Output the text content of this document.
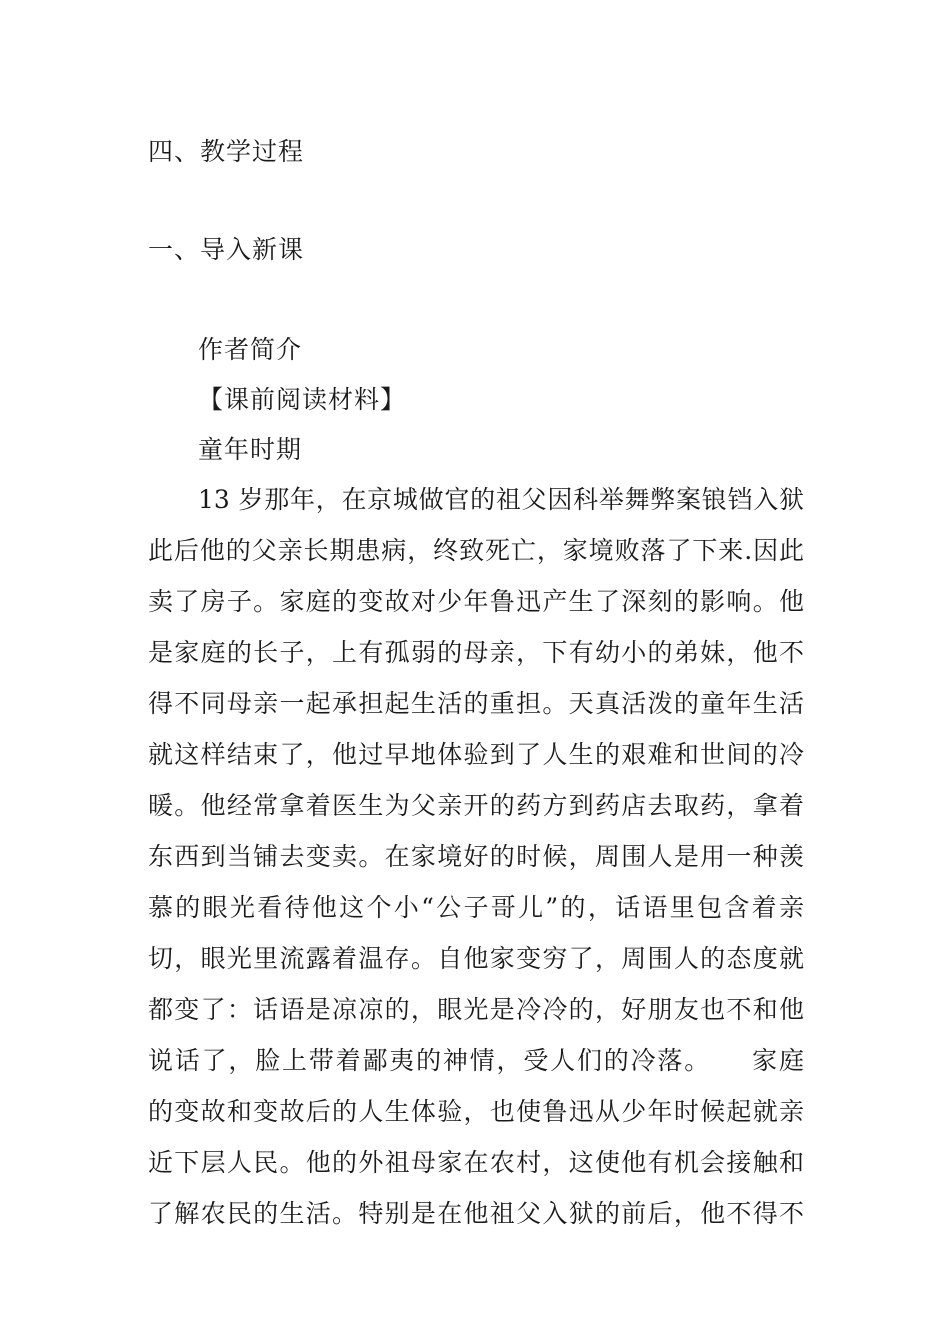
四、教学过程
一、导入新课
作者简介
【课前阅读材料】
童年时期
13 岁那年，在京城做官的祖父因科举舞弊案锒铛入狱
此后他的父亲长期患病，终致死亡，家境败落了下来.因此
卖了房子。家庭的变故对少年鲁迅产生了深刻的影响。他
是家庭的长子，上有孤弱的母亲，下有幼小的弟妹，他不
得不同母亲一起承担起生活的重担。天真活泼的童年生活
就这样结束了，他过早地体验到了人生的艰难和世间的冷
暖。他经常拿着医生为父亲开的药方到药店去取药，拿着
东西到当铺去变卖。在家境好的时候，周围人是用一种羡
慕的眼光看待他这个小“公子哥儿”的，话语里包含着亲
切，眼光里流露着温存。自他家变穷了，周围人的态度就
都变了：话语是凉凉的，眼光是冷冷的，好朋友也不和他
说话了，脸上带着鄙夷的神情，受人们的冷落。　　家庭
的变故和变故后的人生体验，也使鲁迅从少年时候起就亲
近下层人民。他的外祖母家在农村，这使他有机会接触和
了解农民的生活。特别是在他祖父入狱的前后，他不得不
